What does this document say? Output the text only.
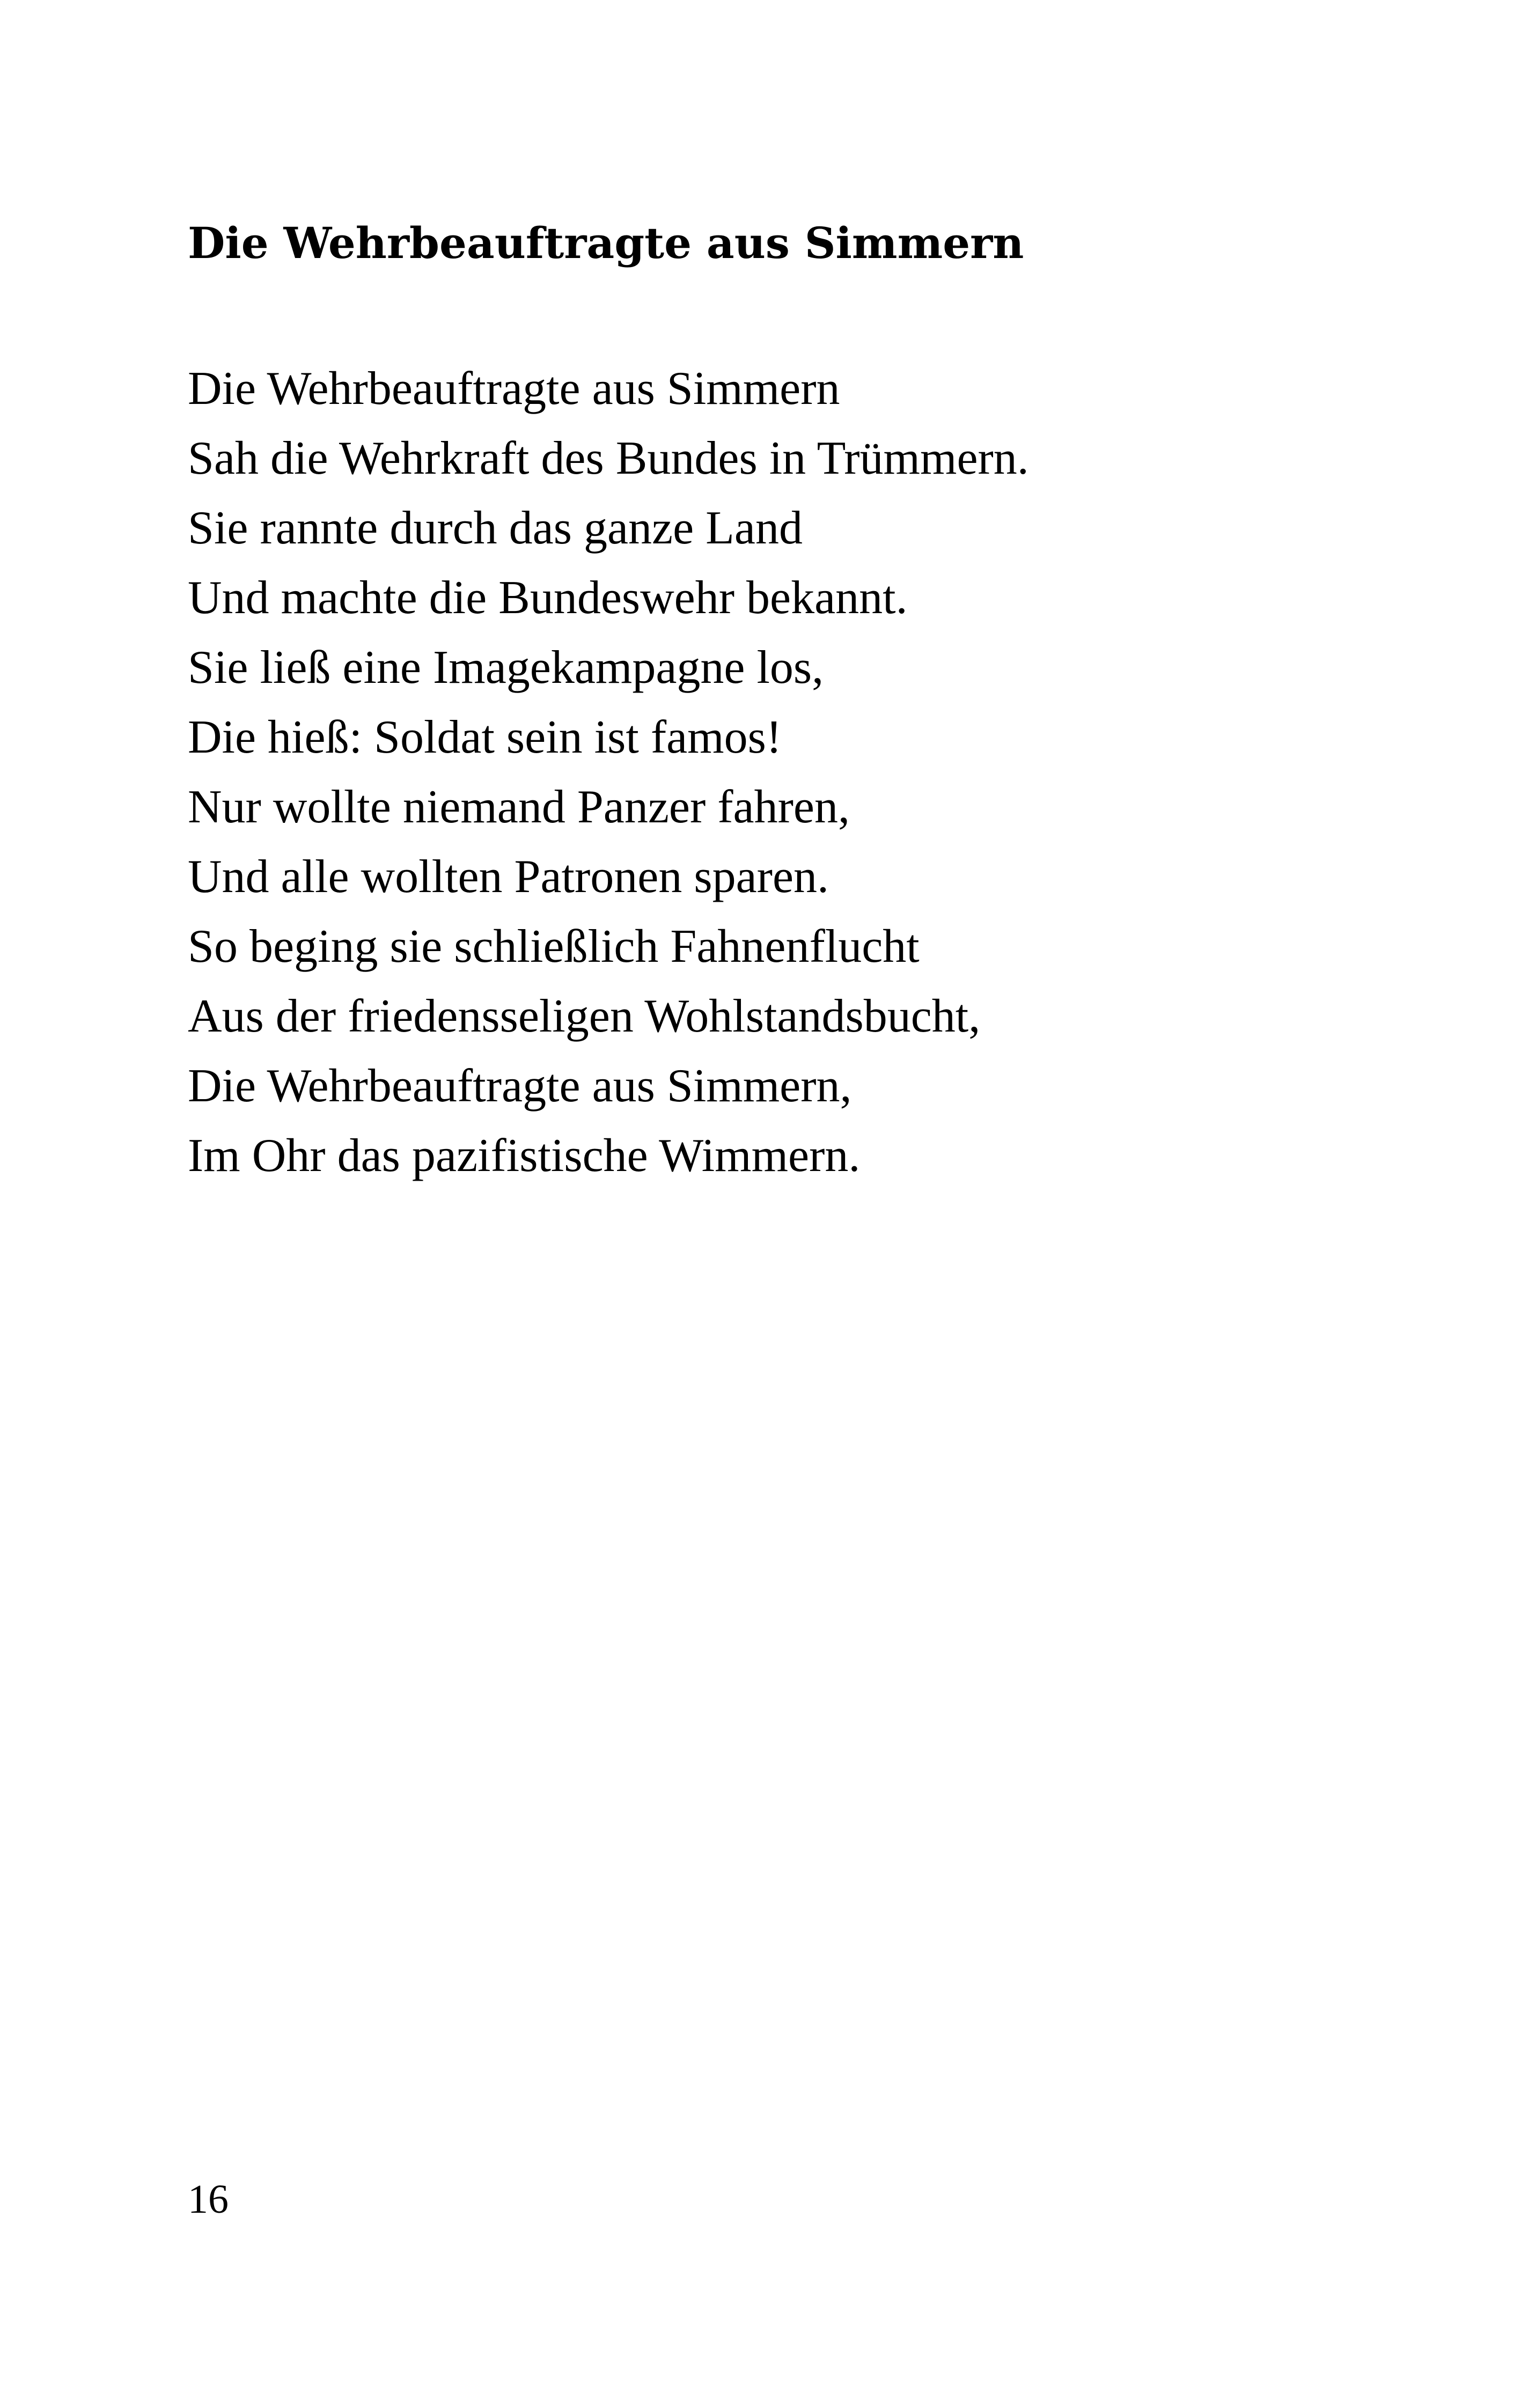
Die Wehrbeauftragte aus Simmern
Die Wehrbeauftragte aus Simmern
Sah die Wehrkraft des Bundes in Trümmern.
Sie rannte durch das ganze Land
Und machte die Bundeswehr bekannt.
Sie ließ eine Imagekampagne los,
Die hieß: Soldat sein ist famos!
Nur wollte niemand Panzer fahren,
Und alle wollten Patronen sparen.
So beging sie schließlich Fahnenflucht
Aus der friedensseligen Wohlstandsbucht,
Die Wehrbeauftragte aus Simmern,
Im Ohr das pazifistische Wimmern.
16
